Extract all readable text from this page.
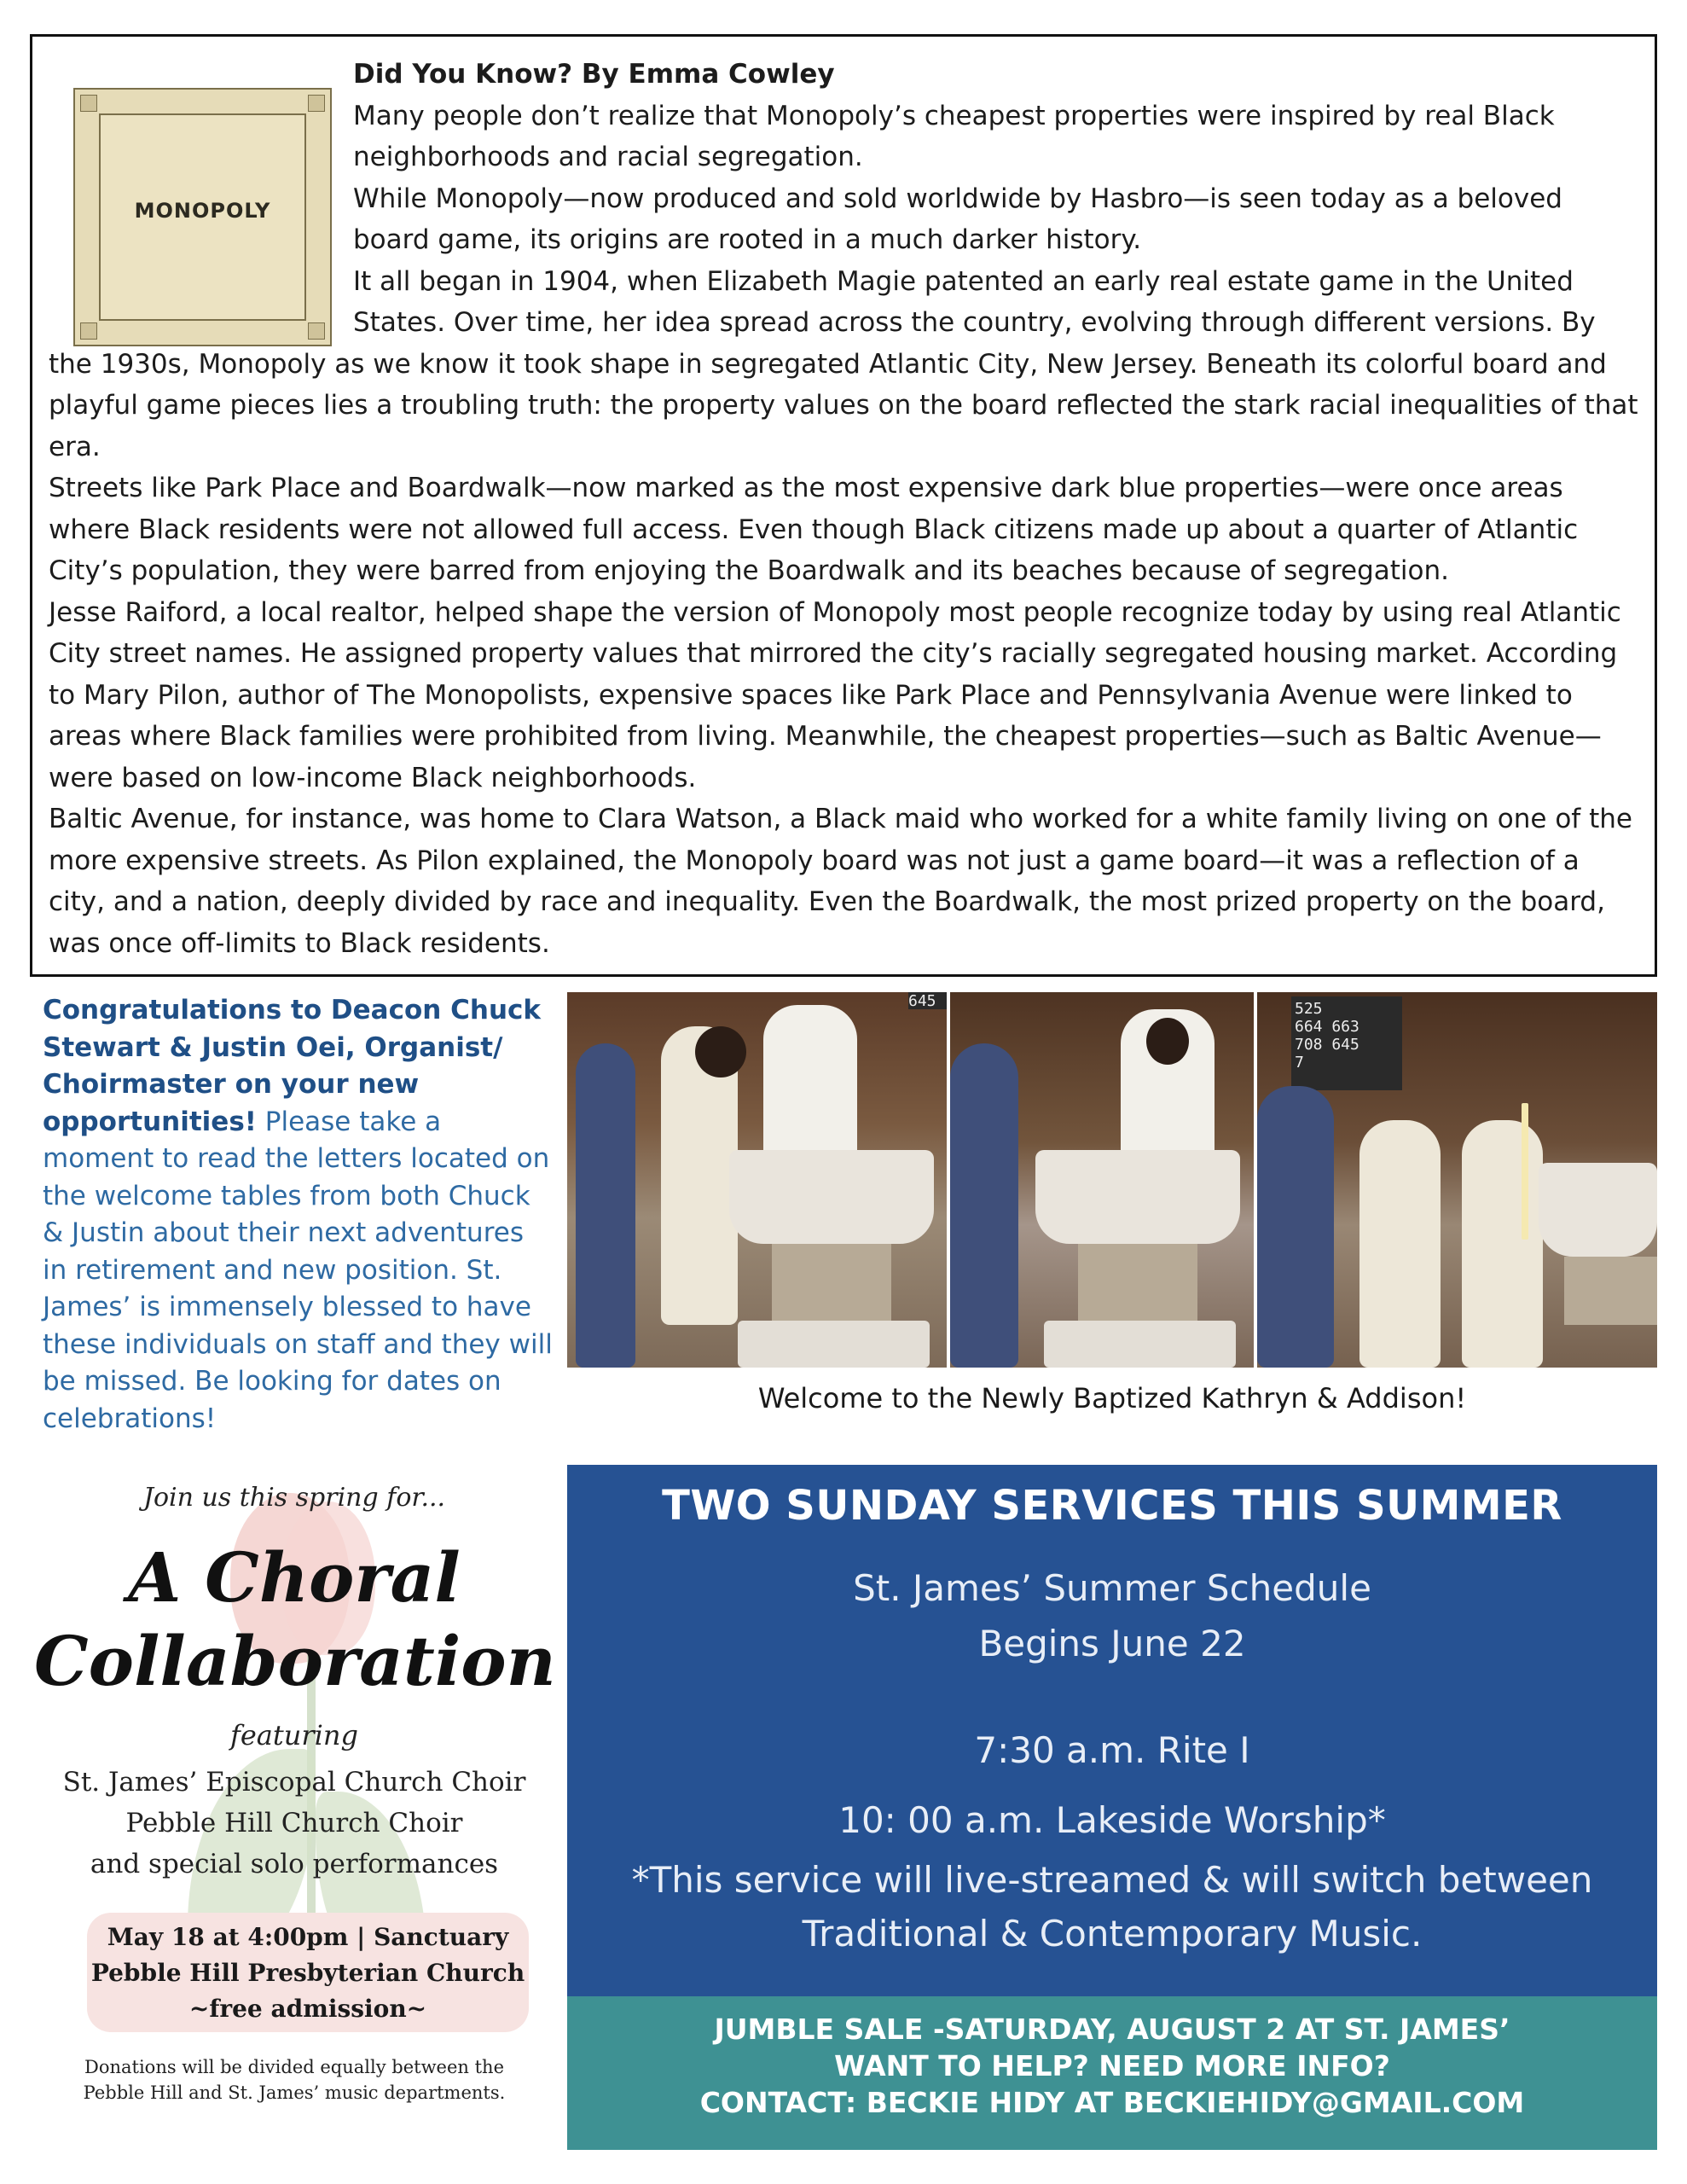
MONOPOLY

Did You Know? By Emma Cowley

Many people don’t realize that Monopoly’s cheapest properties were inspired by real Black neighborhoods and racial segregation.

While Monopoly—now produced and sold worldwide by Hasbro—is seen today as a beloved board game, its origins are rooted in a much darker history.

It all began in 1904, when Elizabeth Magie patented an early real estate game in the United States. Over time, her idea spread across the country, evolving through different versions. By the 1930s, Monopoly as we know it took shape in segregated Atlantic City, New Jersey. Beneath its colorful board and playful game pieces lies a troubling truth: the property values on the board reflected the stark racial inequalities of that era.

Streets like Park Place and Boardwalk—now marked as the most expensive dark blue properties—were once areas where Black residents were not allowed full access. Even though Black citizens made up about a quarter of Atlantic City’s population, they were barred from enjoying the Boardwalk and its beaches because of segregation.

Jesse Raiford, a local realtor, helped shape the version of Monopoly most people recognize today by using real Atlantic City street names. He assigned property values that mirrored the city’s racially segregated housing market. According to Mary Pilon, author of The Monopolists, expensive spaces like Park Place and Pennsylvania Avenue were linked to areas where Black families were prohibited from living. Meanwhile, the cheapest properties—such as Baltic Avenue—were based on low-income Black neighborhoods.

Baltic Avenue, for instance, was home to Clara Watson, a Black maid who worked for a white family living on one of the more expensive streets. As Pilon explained, the Monopoly board was not just a game board—it was a reflection of a city, and a nation, deeply divided by race and inequality. Even the Boardwalk, the most prized property on the board, was once off-limits to Black residents.

Congratulations to Deacon Chuck Stewart & Justin Oei, Organist/ Choirmaster on your new opportunities! Please take a moment to read the letters located on the welcome tables from both Chuck & Justin about their next adventures in retirement and new position. St. James’ is immensely blessed to have these individuals on staff and they will be missed. Be looking for dates on celebrations!
645	525
664 663
708 645
7
Welcome to the Newly Baptized Kathryn & Addison!
Join us this spring for...
A Choral
Collaboration
featuring
St. James’ Episcopal Church Choir
Pebble Hill Church Choir
and special solo performances
May 18 at 4:00pm | Sanctuary
Pebble Hill Presbyterian Church
~free admission~
Donations will be divided equally between the
Pebble Hill and St. James’ music departments.
TWO SUNDAY SERVICES THIS SUMMER
St. James’ Summer Schedule
Begins June 22
7:30 a.m. Rite I
10: 00 a.m. Lakeside Worship*
*This service will live-streamed & will switch between Traditional & Contemporary Music.
JUMBLE SALE -SATURDAY, AUGUST 2 AT ST. JAMES’
WANT TO HELP? NEED MORE INFO?
CONTACT: BECKIE HIDY AT BECKIEHIDY@GMAIL.COM
